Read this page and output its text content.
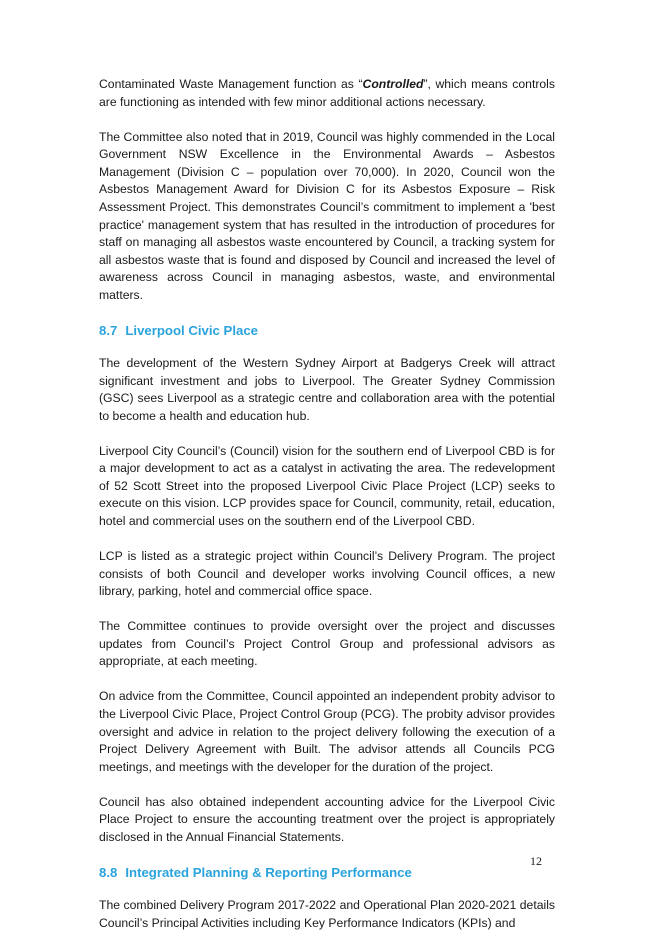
Contaminated Waste Management function as “Controlled”, which means controls are functioning as intended with few minor additional actions necessary.

The Committee also noted that in 2019, Council was highly commended in the Local Government NSW Excellence in the Environmental Awards – Asbestos Management (Division C – population over 70,000). In 2020, Council won the Asbestos Management Award for Division C for its Asbestos Exposure – Risk Assessment Project. This demonstrates Council’s commitment to implement a 'best practice' management system that has resulted in the introduction of procedures for staff on managing all asbestos waste encountered by Council, a tracking system for all asbestos waste that is found and disposed by Council and increased the level of awareness across Council in managing asbestos, waste, and environmental matters.

8.7 Liverpool Civic Place

The development of the Western Sydney Airport at Badgerys Creek will attract significant investment and jobs to Liverpool. The Greater Sydney Commission (GSC) sees Liverpool as a strategic centre and collaboration area with the potential to become a health and education hub.

Liverpool City Council’s (Council) vision for the southern end of Liverpool CBD is for a major development to act as a catalyst in activating the area. The redevelopment of 52 Scott Street into the proposed Liverpool Civic Place Project (LCP) seeks to execute on this vision. LCP provides space for Council, community, retail, education, hotel and commercial uses on the southern end of the Liverpool CBD.

LCP is listed as a strategic project within Council’s Delivery Program. The project consists of both Council and developer works involving Council offices, a new library, parking, hotel and commercial office space.

The Committee continues to provide oversight over the project and discusses updates from Council’s Project Control Group and professional advisors as appropriate, at each meeting.

On advice from the Committee, Council appointed an independent probity advisor to the Liverpool Civic Place, Project Control Group (PCG). The probity advisor provides oversight and advice in relation to the project delivery following the execution of a Project Delivery Agreement with Built. The advisor attends all Councils PCG meetings, and meetings with the developer for the duration of the project.

Council has also obtained independent accounting advice for the Liverpool Civic Place Project to ensure the accounting treatment over the project is appropriately disclosed in the Annual Financial Statements.

8.8 Integrated Planning & Reporting Performance

The combined Delivery Program 2017-2022 and Operational Plan 2020-2021 details Council’s Principal Activities including Key Performance Indicators (KPIs) and

12
